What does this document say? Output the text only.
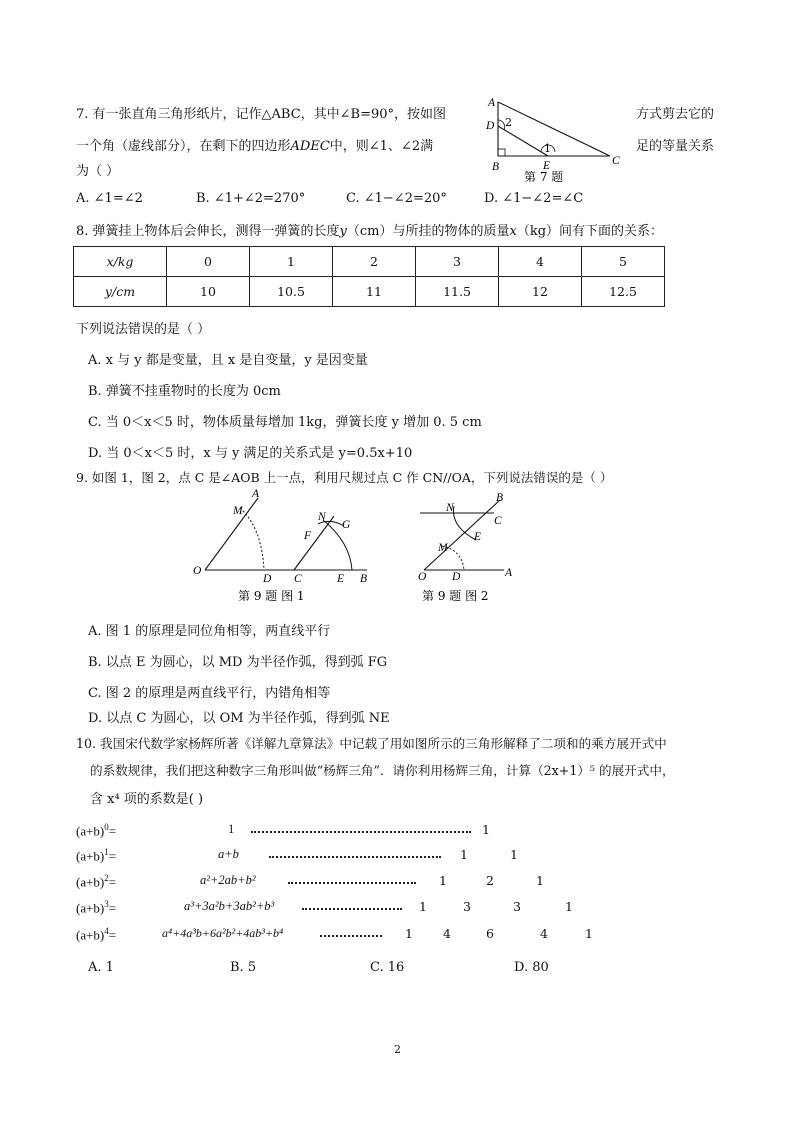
7. 有一张直角三角形纸片，记作△ABC，其中∠B=90°，按如图	方式剪去它的
一个角（虚线部分），在剩下的四边形ADEC中，则∠1、∠2满	足的等量关系
为（ ）
A
D 2
1
B	E	C
第 7 题
A. ∠1=∠2	B. ∠1+∠2=270°	C. ∠1−∠2=20°	D. ∠1−∠2=∠C
8. 弹簧挂上物体后会伸长，测得一弹簧的长度y（cm）与所挂的物体的质量x（kg）间有下面的关系：
x/kg	0	1	2	3	4	5
y/cm	10	10.5	11	11.5	12	12.5
下列说法错误的是（ ）
A. x 与 y 都是变量，且 x 是自变量，y 是因变量
B. 弹簧不挂重物时的长度为 0cm
C. 当 0＜x＜5 时，物体质量每增加 1kg，弹簧长度 y 增加 0. 5 cm
D. 当 0＜x＜5 时，x 与 y 满足的关系式是 y=0.5x+10
9. 如图 1，图 2，点 C 是∠AOB 上一点，利用尺规过点 C 作 CN//OA，下列说法错误的是（ ）
A
M	N
G
F
O
D C	E B
第 9 题 图 1
N
B
C
E
M
O D	A
第 9 题 图 2
A. 图 1 的原理是同位角相等，两直线平行
B. 以点 E 为圆心，以 MD 为半径作弧，得到弧 FG
C. 图 2 的原理是两直线平行，内错角相等
D. 以点 C 为圆心，以 OM 为半径作弧，得到弧 NE
10. 我国宋代数学家杨辉所著《详解九章算法》中记载了用如图所示的三角形解释了二项和的乘方展开式中
的系数规律，我们把这种数字三角形叫做“杨辉三角”．请你利用杨辉三角，计算（2x+1）⁵ 的展开式中，
含 x⁴ 项的系数是( )
$(a+b)^0=$	1	1
$(a+b)^1=$	a+b	1	1
$(a+b)^2=$	a²+2ab+b²	1	2	1
$(a+b)^3=$	a³+3a²b+3ab²+b³	1	3	3	1
$(a+b)^4=$	a⁴+4a³b+6a²b²+4ab³+b⁴	1 4	6	4	1
A. 1	B. 5	C. 16	D. 80
2
